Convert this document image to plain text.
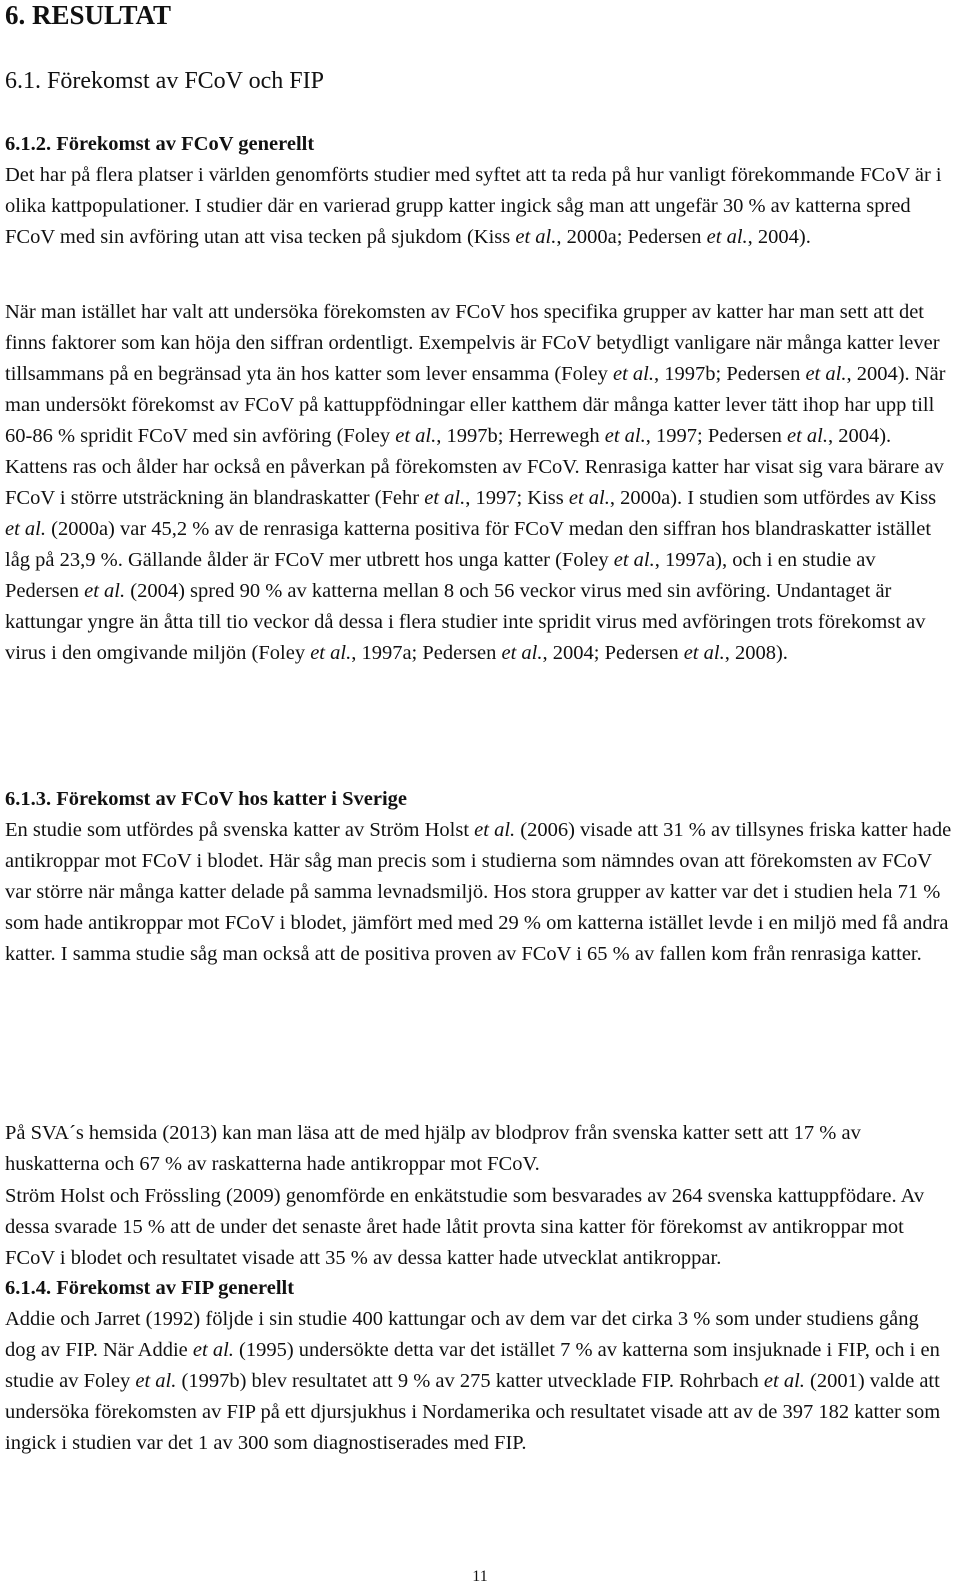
6. RESULTAT
6.1. Förekomst av FCoV och FIP
6.1.2. Förekomst av FCoV generellt

Det har på flera platser i världen genomförts studier med syftet att ta reda på hur vanligt förekommande FCoV är i olika kattpopulationer. I studier där en varierad grupp katter ingick såg man att ungefär 30 % av katterna spred FCoV med sin avföring utan att visa tecken på sjukdom (Kiss et al., 2000a; Pedersen et al., 2004).

När man istället har valt att undersöka förekomsten av FCoV hos specifika grupper av katter har man sett att det finns faktorer som kan höja den siffran ordentligt. Exempelvis är FCoV betydligt vanligare när många katter lever tillsammans på en begränsad yta än hos katter som lever ensamma (Foley et al., 1997b; Pedersen et al., 2004). När man undersökt förekomst av FCoV på kattuppfödningar eller katthem där många katter lever tätt ihop har upp till 60-86 % spridit FCoV med sin avföring (Foley et al., 1997b; Herrewegh et al., 1997; Pedersen et al., 2004). Kattens ras och ålder har också en påverkan på förekomsten av FCoV. Renrasiga katter har visat sig vara bärare av FCoV i större utsträckning än blandraskatter (Fehr et al., 1997; Kiss et al., 2000a). I studien som utfördes av Kiss et al. (2000a) var 45,2 % av de renrasiga katterna positiva för FCoV medan den siffran hos blandraskatter istället låg på 23,9 %. Gällande ålder är FCoV mer utbrett hos unga katter (Foley et al., 1997a), och i en studie av Pedersen et al. (2004) spred 90 % av katterna mellan 8 och 56 veckor virus med sin avföring. Undantaget är kattungar yngre än åtta till tio veckor då dessa i flera studier inte spridit virus med avföringen trots förekomst av virus i den omgivande miljön (Foley et al., 1997a; Pedersen et al., 2004; Pedersen et al., 2008).

6.1.3. Förekomst av FCoV hos katter i Sverige

En studie som utfördes på svenska katter av Ström Holst et al. (2006) visade att 31 % av tillsynes friska katter hade antikroppar mot FCoV i blodet. Här såg man precis som i studierna som nämndes ovan att förekomsten av FCoV var större när många katter delade på samma levnadsmiljö. Hos stora grupper av katter var det i studien hela 71 % som hade antikroppar mot FCoV i blodet, jämfört med med 29 % om katterna istället levde i en miljö med få andra katter. I samma studie såg man också att de positiva proven av FCoV i 65 % av fallen kom från renrasiga katter.

På SVA´s hemsida (2013) kan man läsa att de med hjälp av blodprov från svenska katter sett att 17 % av huskatterna och 67 % av raskatterna hade antikroppar mot FCoV.

Ström Holst och Frössling (2009) genomförde en enkätstudie som besvarades av 264 svenska kattuppfödare. Av dessa svarade 15 % att de under det senaste året hade låtit provta sina katter för förekomst av antikroppar mot FCoV i blodet och resultatet visade att 35 % av dessa katter hade utvecklat antikroppar.

6.1.4. Förekomst av FIP generellt

Addie och Jarret (1992) följde i sin studie 400 kattungar och av dem var det cirka 3 % som under studiens gång dog av FIP. När Addie et al. (1995) undersökte detta var det istället 7 % av katterna som insjuknade i FIP, och i en studie av Foley et al. (1997b) blev resultatet att 9 % av 275 katter utvecklade FIP. Rohrbach et al. (2001) valde att undersöka förekomsten av FIP på ett djursjukhus i Nordamerika och resultatet visade att av de 397 182 katter som ingick i studien var det 1 av 300 som diagnostiserades med FIP.

11
